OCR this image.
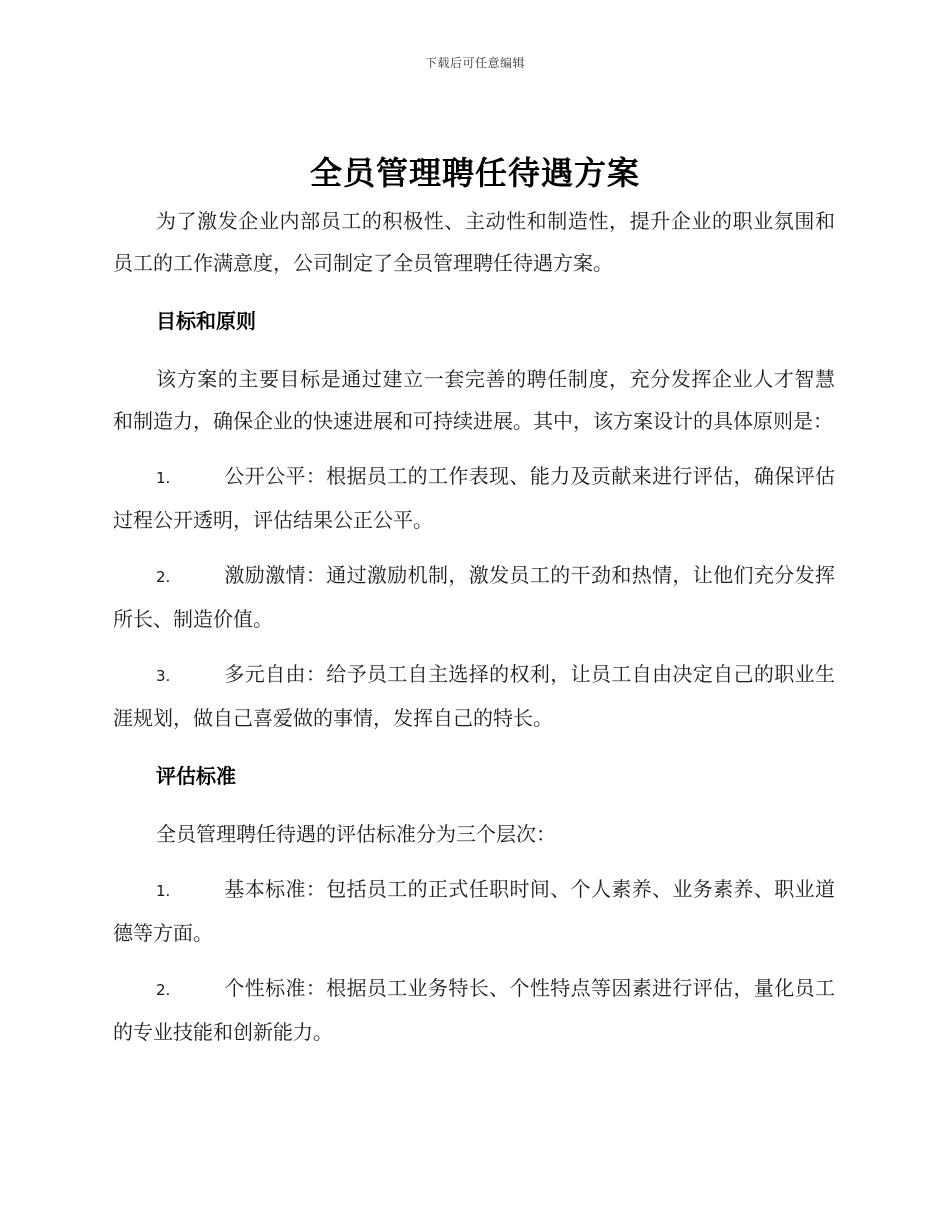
下载后可任意编辑
全员管理聘任待遇方案

为了激发企业内部员工的积极性、主动性和制造性，提升企业的职业氛围和员工的工作满意度，公司制定了全员管理聘任待遇方案。

目标和原则

该方案的主要目标是通过建立一套完善的聘任制度，充分发挥企业人才智慧和制造力，确保企业的快速进展和可持续进展。其中，该方案设计的具体原则是：

1.	公开公平：根据员工的工作表现、能力及贡献来进行评估，确保评估过程公开透明，评估结果公正公平。

2.	激励激情：通过激励机制，激发员工的干劲和热情，让他们充分发挥所长、制造价值。

3.	多元自由：给予员工自主选择的权利，让员工自由决定自己的职业生涯规划，做自己喜爱做的事情，发挥自己的特长。

评估标准

全员管理聘任待遇的评估标准分为三个层次：

1.	基本标准：包括员工的正式任职时间、个人素养、业务素养、职业道德等方面。

2.	个性标准：根据员工业务特长、个性特点等因素进行评估，量化员工的专业技能和创新能力。
